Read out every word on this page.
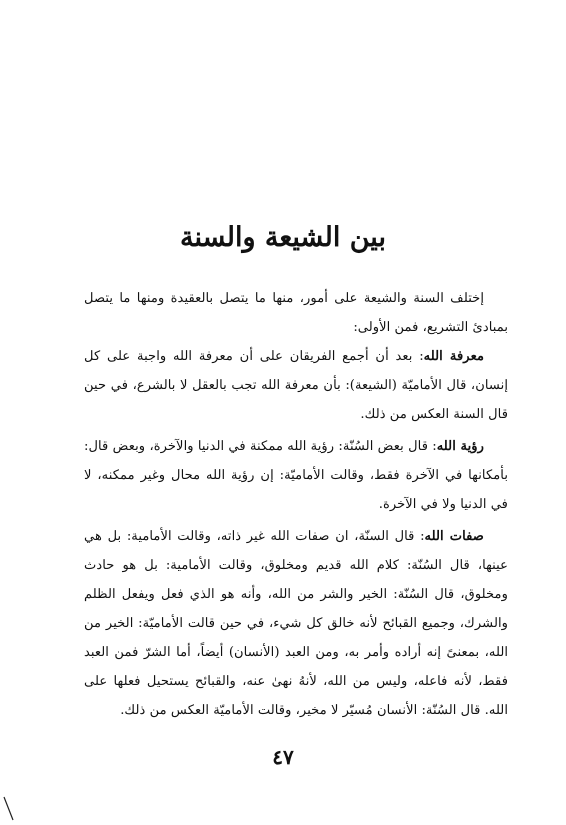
بين الشيعة والسنة

إختلف السنة والشيعة على أمور، منها ما يتصل بالعقيدة ومنها ما يتصل بمبادئ التشريع، فمن الأولى:

معرفة الله: بعد أن أجمع الفريقان على أن معرفة الله واجبة على كل إنسان، قال الأماميّة (الشيعة): بأن معرفة الله تجب بالعقل لا بالشرع، في حين قال السنة العكس من ذلك.

رؤية الله: قال بعض السُنّة: رؤية الله ممكنة في الدنيا والآخرة، وبعض قال: بأمكانها في الآخرة فقط، وقالت الأماميّة: إن رؤية الله محال وغير ممكنه، لا في الدنيا ولا في الآخرة.

صفات الله: قال السنّة، ان صفات الله غير ذاته، وقالت الأمامية: بل هي عينها، قال السُنّة: كلام الله قديم ومخلوق، وقالت الأمامية: بل هو حادث ومخلوق، قال السُنّة: الخير والشر من الله، وأنه هو الذي فعل ويفعل الظلم والشرك، وجميع القبائح لأنه خالق كل شيء، في حين قالت الأماميّة: الخير من الله، بمعنىً إنه أراده وأمر به، ومن العبد (الأنسان) أيضاً، أما الشرّ فمن العبد فقط، لأنه فاعله، وليس من الله، لأنهُ نهىٰ عنه، والقبائح يستحيل فعلها على الله. قال السُنّة: الأنسان مُسيّر لا مخير، وقالت الأماميّة العكس من ذلك.

٤٧
